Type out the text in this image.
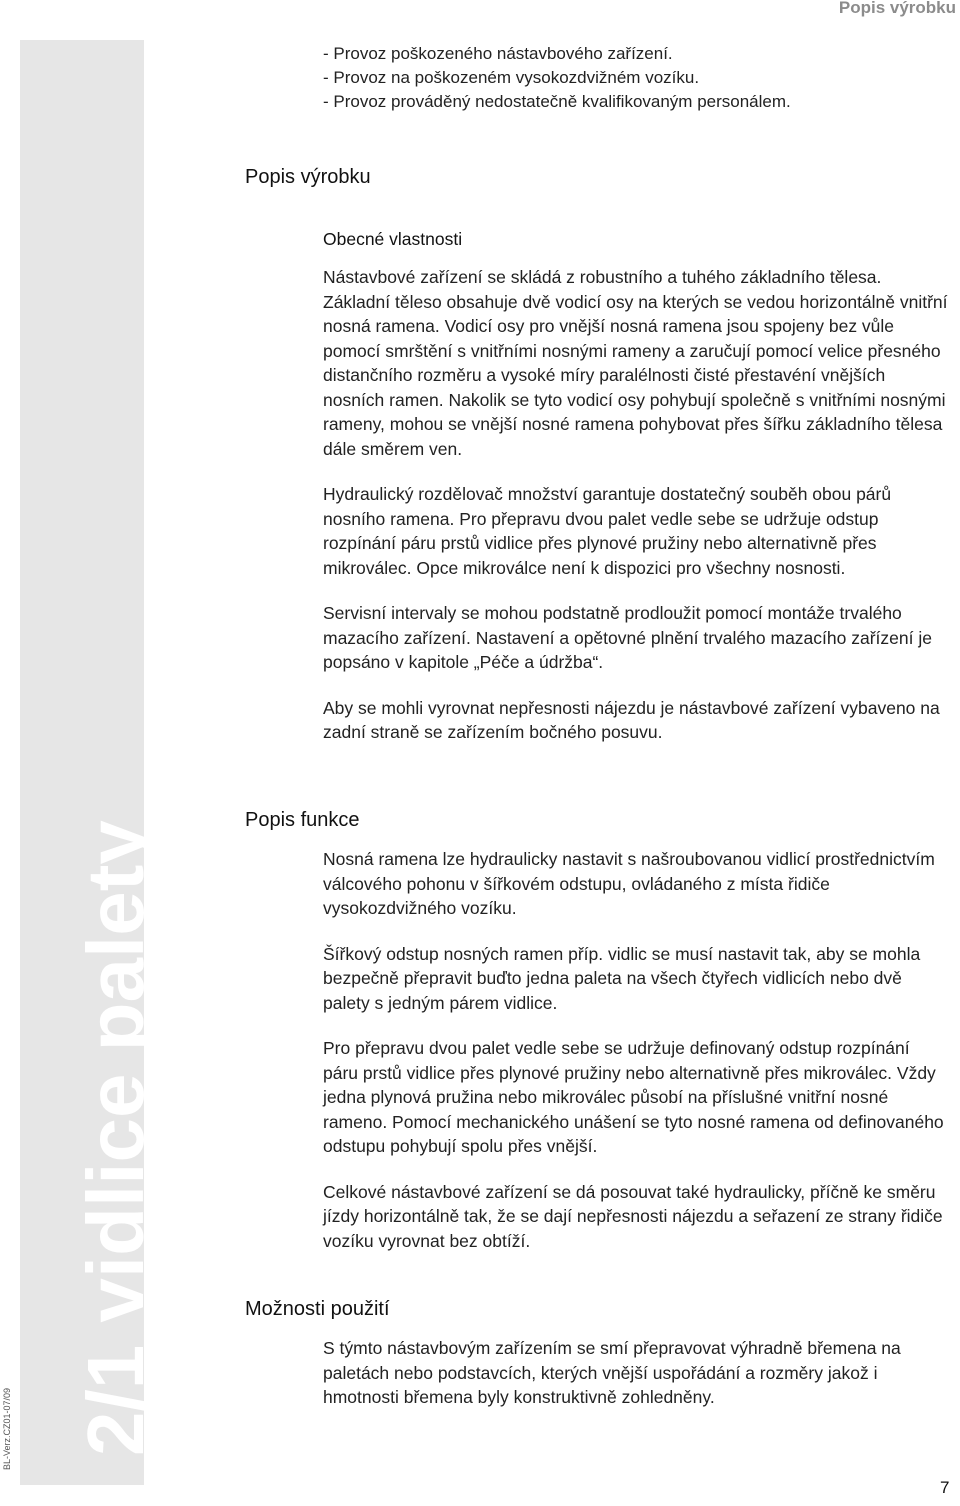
Popis výrobku
2/1 vidlice palety
BL-Verz.CZ01-07/09
- Provoz poškozeného nástavbového zařízení.
- Provoz na poškozeném vysokozdvižném vozíku.
- Provoz prováděný nedostatečně kvalifikovaným personálem.
Popis výrobku
Obecné vlastnosti
Nástavbové zařízení se skládá z robustního a tuhého základního tělesa. Základní těleso obsahuje dvě vodicí osy na kterých se vedou horizontálně vnitřní nosná ramena. Vodicí osy pro vnější nosná ramena jsou spojeny bez vůle pomocí smrštění s vnitřními nosnými rameny a zaručují pomocí velice přesného distančního rozměru a vysoké míry paralélnosti čisté přestavéní vnějších nosních ramen. Nakolik se tyto vodicí osy pohybují společně s vnitřními nosnými rameny, mohou se vnější nosné ramena pohybovat přes šířku základního tělesa dále směrem ven.
Hydraulický rozdělovač množství garantuje dostatečný souběh obou párů nosního ramena. Pro přepravu dvou palet vedle sebe se udržuje odstup rozpínání páru prstů vidlice přes plynové pružiny nebo alternativně přes mikroválec. Opce mikroválce není k dispozici pro všechny nosnosti.
Servisní intervaly se mohou podstatně prodloužit pomocí montáže trvalého mazacího zařízení. Nastavení a opětovné plnění trvalého mazacího zařízení je popsáno v kapitole „Péče a údržba“.
Aby se mohli vyrovnat nepřesnosti nájezdu je nástavbové zařízení vybaveno na zadní straně se zařízením bočného posuvu.
Popis funkce
Nosná ramena lze hydraulicky nastavit s našroubovanou vidlicí prostřednictvím válcového pohonu v šířkovém odstupu, ovládaného z místa řidiče vysokozdvižného vozíku.
Šířkový odstup nosných ramen příp. vidlic se musí nastavit tak, aby se mohla bezpečně přepravit buďto jedna paleta na všech čtyřech vidlicích nebo dvě palety s jedným párem vidlice.
Pro přepravu dvou palet vedle sebe se udržuje definovaný odstup rozpínání páru prstů vidlice přes plynové pružiny nebo alternativně přes mikroválec. Vždy jedna plynová pružina nebo mikroválec působí na příslušné vnitřní nosné rameno. Pomocí mechanického unášení se tyto nosné ramena od definovaného odstupu pohybují spolu přes vnější.
Celkové nástavbové zařízení se dá posouvat také hydraulicky, příčně ke směru jízdy horizontálně tak, že se dají nepřesnosti nájezdu a seřazení ze strany řidiče vozíku vyrovnat bez obtíží.
Možnosti použití
S týmto nástavbovým zařízením se smí přepravovat výhradně břemena na paletách nebo podstavcích, kterých vnější uspořádání a rozměry jakož i hmotnosti břemena byly konstruktivně zohledněny.
7
